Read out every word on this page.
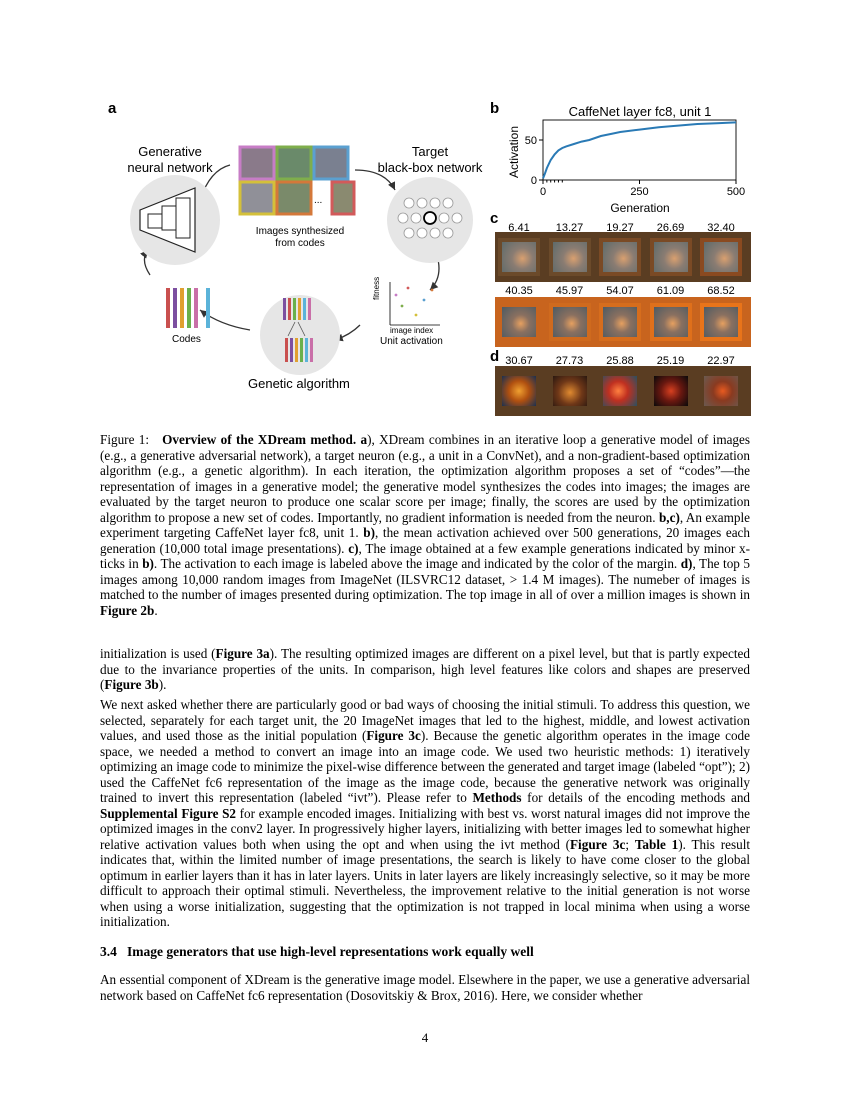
a
...
Generative
neural network
Target
black-box network
Images synthesized
from codes
Codes
fitness
image index
Unit activation
Genetic algorithm
b	CaffeNet layer fc8, unit 1
Activation
Generation
0	250	500
0
50
c
6.41	13.27	19.27	26.69	32.40
40.35	45.97	54.07	61.09	68.52
d 30.67	27.73	25.88	25.19	22.97
Figure 1: Overview of the XDream method. a), XDream combines in an iterative loop a generative model of images (e.g., a generative adversarial network), a target neuron (e.g., a unit in a ConvNet), and a non-gradient-based optimization algorithm (e.g., a genetic algorithm). In each iteration, the optimization algorithm proposes a set of “codes”—the representation of images in a generative model; the generative model synthesizes the codes into images; the images are evaluated by the target neuron to produce one scalar score per image; finally, the scores are used by the optimization algorithm to propose a new set of codes. Importantly, no gradient information is needed from the neuron. b,c), An example experiment targeting CaffeNet layer fc8, unit 1. b), the mean activation achieved over 500 generations, 20 images each generation (10,000 total image presentations). c), The image obtained at a few example generations indicated by minor x-ticks in b). The activation to each image is labeled above the image and indicated by the color of the margin. d), The top 5 images among 10,000 random images from ImageNet (ILSVRC12 dataset, > 1.4 M images). The numeber of images is matched to the number of images presented during optimization. The top image in all of over a million images is shown in Figure 2b.
initialization is used (Figure 3a). The resulting optimized images are different on a pixel level, but that is partly expected due to the invariance properties of the units. In comparison, high level features like colors and shapes are preserved (Figure 3b).
We next asked whether there are particularly good or bad ways of choosing the initial stimuli. To address this question, we selected, separately for each target unit, the 20 ImageNet images that led to the highest, middle, and lowest activation values, and used those as the initial population (Figure 3c). Because the genetic algorithm operates in the image code space, we needed a method to convert an image into an image code. We used two heuristic methods: 1) iteratively optimizing an image code to minimize the pixel-wise difference between the generated and target image (labeled “opt”); 2) used the CaffeNet fc6 representation of the image as the image code, because the generative network was originally trained to invert this representation (labeled “ivt”). Please refer to Methods for details of the encoding methods and Supplemental Figure S2 for example encoded images. Initializing with best vs. worst natural images did not improve the optimized images in the conv2 layer. In progressively higher layers, initializing with better images led to somewhat higher relative activation values both when using the opt and when using the ivt method (Figure 3c; Table 1). This result indicates that, within the limited number of image presentations, the search is likely to have come closer to the global optimum in earlier layers than it has in later layers. Units in later layers are likely increasingly selective, so it may be more difficult to approach their optimal stimuli. Nevertheless, the improvement relative to the initial generation is not worse when using a worse initialization, suggesting that the optimization is not trapped in local minima when using a worse initialization.
3.4 Image generators that use high-level representations work equally well
An essential component of XDream is the generative image model. Elsewhere in the paper, we use a generative adversarial network based on CaffeNet fc6 representation (Dosovitskiy & Brox, 2016). Here, we consider whether
4
